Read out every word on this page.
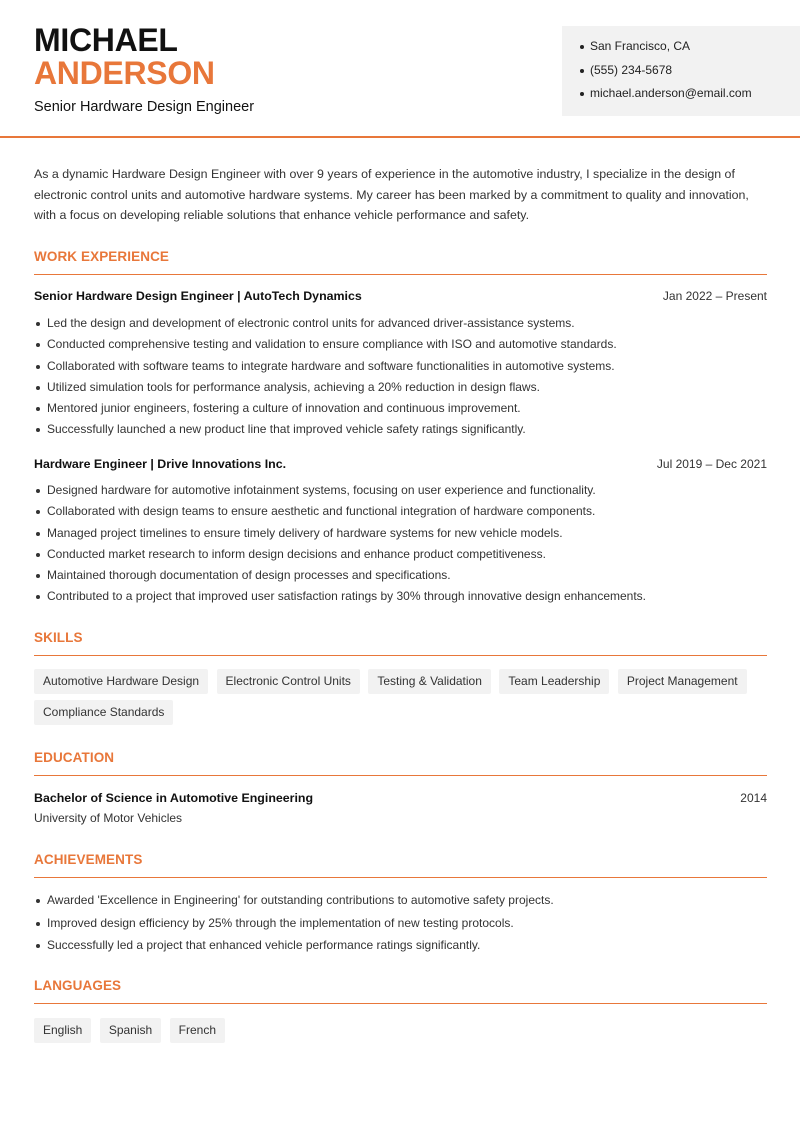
MICHAEL
ANDERSON
Senior Hardware Design Engineer
San Francisco, CA
(555) 234-5678
michael.anderson@email.com

As a dynamic Hardware Design Engineer with over 9 years of experience in the automotive industry, I specialize in the design of electronic control units and automotive hardware systems. My career has been marked by a commitment to quality and innovation, with a focus on developing reliable solutions that enhance vehicle performance and safety.

WORK EXPERIENCE
Senior Hardware Design Engineer | AutoTech Dynamics	Jan 2022 – Present
Led the design and development of electronic control units for advanced driver-assistance systems.
Conducted comprehensive testing and validation to ensure compliance with ISO and automotive standards.
Collaborated with software teams to integrate hardware and software functionalities in automotive systems.
Utilized simulation tools for performance analysis, achieving a 20% reduction in design flaws.
Mentored junior engineers, fostering a culture of innovation and continuous improvement.
Successfully launched a new product line that improved vehicle safety ratings significantly.
Hardware Engineer | Drive Innovations Inc.	Jul 2019 – Dec 2021
Designed hardware for automotive infotainment systems, focusing on user experience and functionality.
Collaborated with design teams to ensure aesthetic and functional integration of hardware components.
Managed project timelines to ensure timely delivery of hardware systems for new vehicle models.
Conducted market research to inform design decisions and enhance product competitiveness.
Maintained thorough documentation of design processes and specifications.
Contributed to a project that improved user satisfaction ratings by 30% through innovative design enhancements.
SKILLS
Automotive Hardware Design Electronic Control Units Testing & Validation Team Leadership Project Management Compliance Standards
EDUCATION
Bachelor of Science in Automotive Engineering	2014
University of Motor Vehicles
ACHIEVEMENTS
Awarded 'Excellence in Engineering' for outstanding contributions to automotive safety projects.
Improved design efficiency by 25% through the implementation of new testing protocols.
Successfully led a project that enhanced vehicle performance ratings significantly.
LANGUAGES
English Spanish French
